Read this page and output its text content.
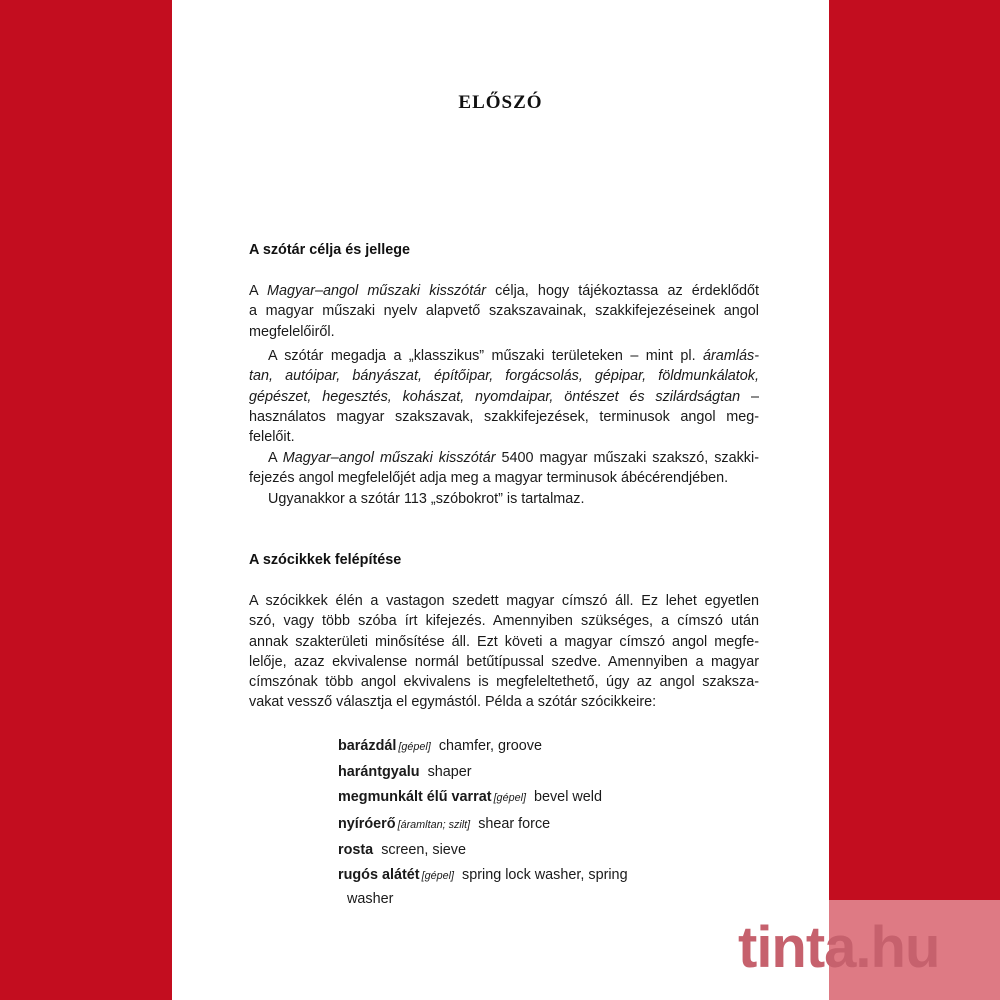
ELŐSZÓ
A szótár célja és jellege

A Magyar–angol műszaki kisszótár célja, hogy tájékoztassa az érdeklődőt
a magyar műszaki nyelv alapvető szakszavainak, szakkifejezéseinek angol
megfelelőiről.

A szótár megadja a „klasszikus” műszaki területeken – mint pl. áramlás-
tan, autóipar, bányászat, építőipar, forgácsolás, gépipar, földmunkálatok,
gépészet, hegesztés, kohászat, nyomdaipar, öntészet és szilárdságtan –
használatos magyar szakszavak, szakkifejezések, terminusok angol meg-
felelőit.

A Magyar–angol műszaki kisszótár 5400 magyar műszaki szakszó, szakki-
fejezés angol megfelelőjét adja meg a magyar terminusok ábécérendjében.

Ugyanakkor a szótár 113 „szóbokrot” is tartalmaz.

A szócikkek felépítése

A szócikkek élén a vastagon szedett magyar címszó áll. Ez lehet egyetlen
szó, vagy több szóba írt kifejezés. Amennyiben szükséges, a címszó után
annak szakterületi minősítése áll. Ezt követi a magyar címszó angol megfe-
lelője, azaz ekvivalense normál betűtípussal szedve. Amennyiben a magyar
címszónak több angol ekvivalens is megfeleltethető, úgy az angol szaksza-
vakat vessző választja el egymástól. Példa a szótár szócikkeire:

barázdál [gépel] chamfer, groove
harántgyalu shaper
megmunkált élű varrat [gépel] bevel weld
nyíróerő [áramltan; szilt] shear force
rosta screen, sieve
rugós alátét [gépel] spring lock washer, spring
washer
tinta.hu
